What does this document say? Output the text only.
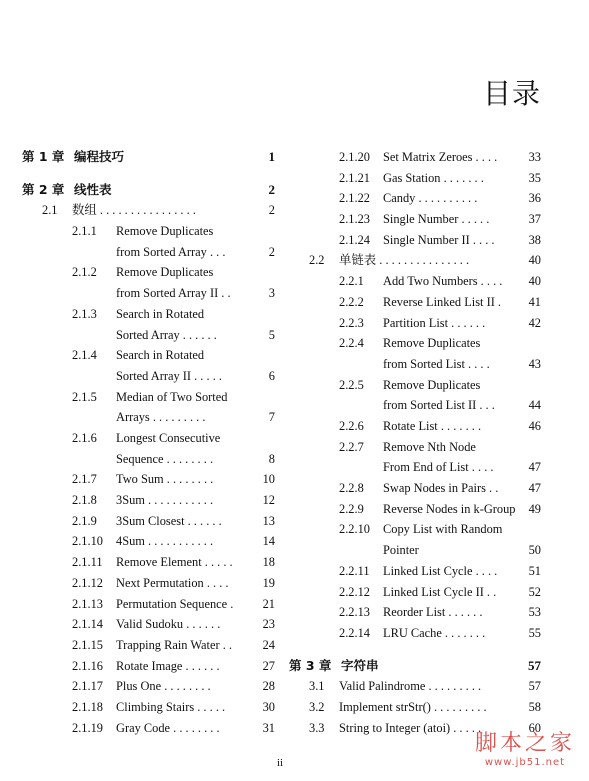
目录
第 1 章 编程技巧	1
第 2 章 线性表	2
2.1 数组 . . . . . . . . . . . . . . . .	2
2.1.1 Remove Duplicates
from Sorted Array . . .	2
2.1.2 Remove Duplicates
from Sorted Array II . .	3
2.1.3 Search in Rotated
Sorted Array . . . . . .	5
2.1.4 Search in Rotated
Sorted Array II . . . . .	6
2.1.5 Median of Two Sorted
Arrays . . . . . . . . .	7
2.1.6 Longest Consecutive
Sequence . . . . . . . .	8
2.1.7 Two Sum . . . . . . . .	10
2.1.8 3Sum . . . . . . . . . . .	12
2.1.9 3Sum Closest . . . . . .	13
2.1.10 4Sum . . . . . . . . . . .	14
2.1.11 Remove Element . . . . . 18
2.1.12 Next Permutation . . . .	19
2.1.13 Permutation Sequence . 21
2.1.14 Valid Sudoku . . . . . .	23
2.1.15 Trapping Rain Water . . 24
2.1.16 Rotate Image . . . . . .	27
2.1.17 Plus One . . . . . . . .	28
2.1.18 Climbing Stairs . . . . .	30
2.1.19 Gray Code . . . . . . . .	31
2.1.20 Set Matrix Zeroes . . . .	33
2.1.21 Gas Station . . . . . . .	35
2.1.22 Candy . . . . . . . . . .	36
2.1.23 Single Number . . . . .	37
2.1.24 Single Number II . . . .	38
2.2 单链表 . . . . . . . . . . . . . . .	40
2.2.1 Add Two Numbers . . . . 40
2.2.2 Reverse Linked List II . 41
2.2.3 Partition List . . . . . .	42
2.2.4 Remove Duplicates
from Sorted List . . . .	43
2.2.5 Remove Duplicates
from Sorted List II . . .	44
2.2.6 Rotate List . . . . . . .	46
2.2.7 Remove Nth Node
From End of List . . . .	47
2.2.8 Swap Nodes in Pairs . . 47
2.2.9 Reverse Nodes in k-Group 49
2.2.10 Copy List with Random
Pointer	50
2.2.11 Linked List Cycle . . . .	51
2.2.12 Linked List Cycle II . .	52
2.2.13 Reorder List . . . . . .	53
2.2.14 LRU Cache . . . . . . .	55
第 3 章 字符串	57
3.1 Valid Palindrome . . . . . . . . .	57
3.2 Implement strStr() . . . . . . . . .	58
3.3 String to Integer (atoi) . . . . .	60
ii
脚本之家
www.jb51.net
